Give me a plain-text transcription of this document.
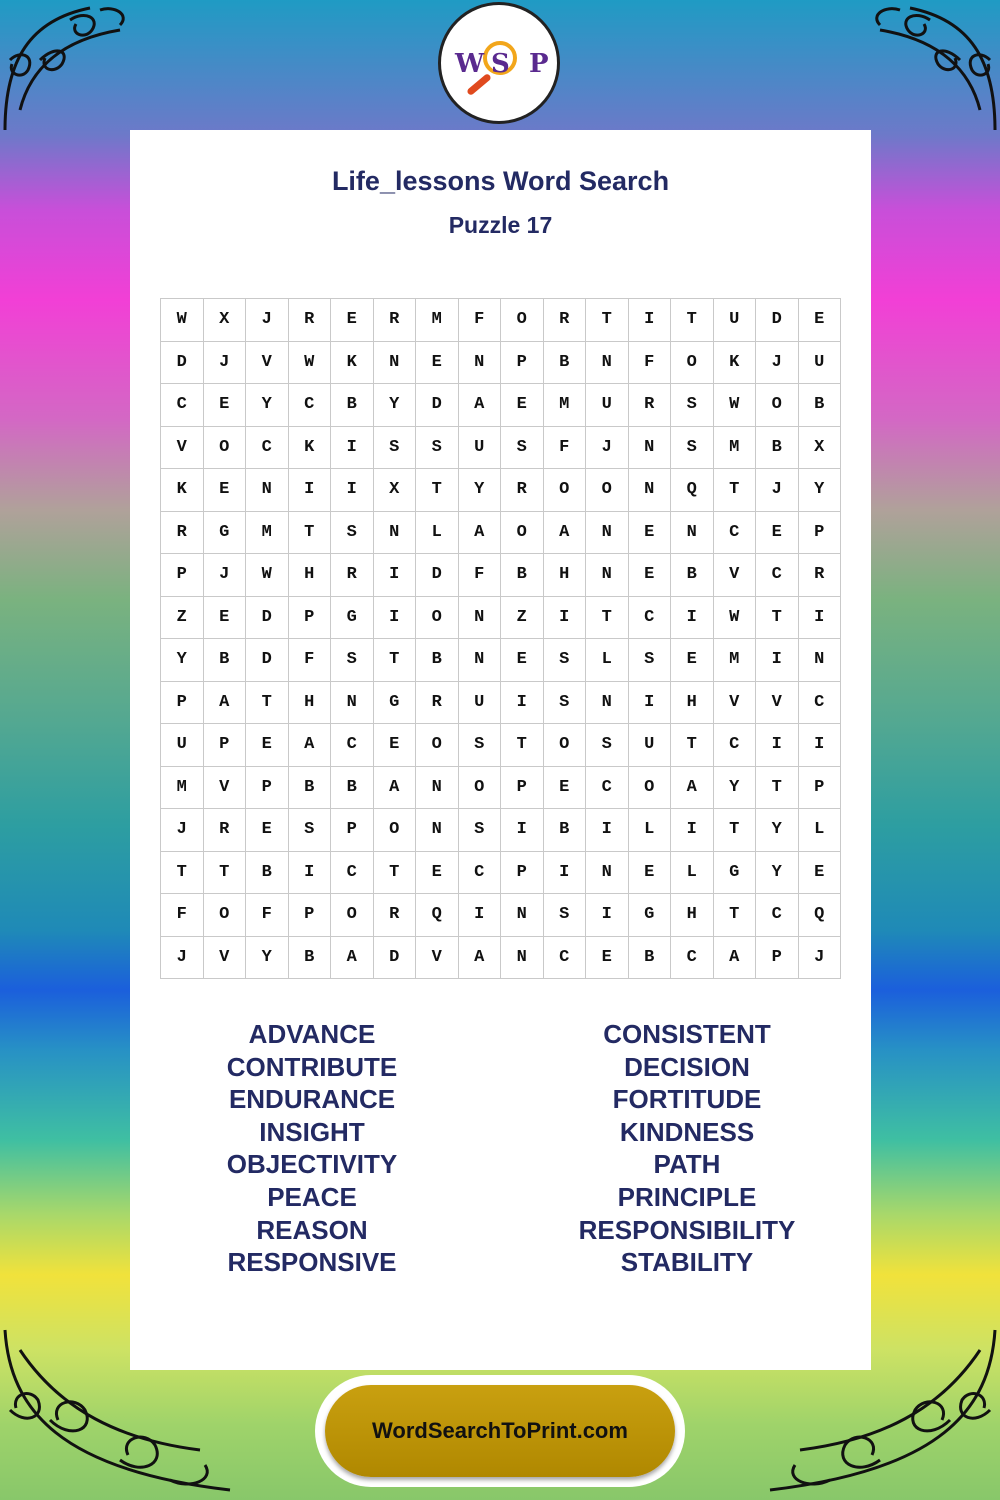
W S P
Life_lessons Word Search
Puzzle 17
W	X	J	R	E	R	M	F	O	R	T	I	T	U	D	E
D	J	V	W	K	N	E	N	P	B	N	F	O	K	J	U
C	E	Y	C	B	Y	D	A	E	M	U	R	S	W	O	B
V	O	C	K	I	S	S	U	S	F	J	N	S	M	B	X
K	E	N	I	I	X	T	Y	R	O	O	N	Q	T	J	Y
R	G	M	T	S	N	L	A	O	A	N	E	N	C	E	P
P	J	W	H	R	I	D	F	B	H	N	E	B	V	C	R
Z	E	D	P	G	I	O	N	Z	I	T	C	I	W	T	I
Y	B	D	F	S	T	B	N	E	S	L	S	E	M	I	N
P	A	T	H	N	G	R	U	I	S	N	I	H	V	V	C
U	P	E	A	C	E	O	S	T	O	S	U	T	C	I	I
M	V	P	B	B	A	N	O	P	E	C	O	A	Y	T	P
J	R	E	S	P	O	N	S	I	B	I	L	I	T	Y	L
T	T	B	I	C	T	E	C	P	I	N	E	L	G	Y	E
F	O	F	P	O	R	Q	I	N	S	I	G	H	T	C	Q
J	V	Y	B	A	D	V	A	N	C	E	B	C	A	P	J
ADVANCE
CONTRIBUTE
ENDURANCE
INSIGHT
OBJECTIVITY
PEACE
REASON
RESPONSIVE
CONSISTENT
DECISION
FORTITUDE
KINDNESS
PATH
PRINCIPLE
RESPONSIBILITY
STABILITY
WordSearchToPrint.com
